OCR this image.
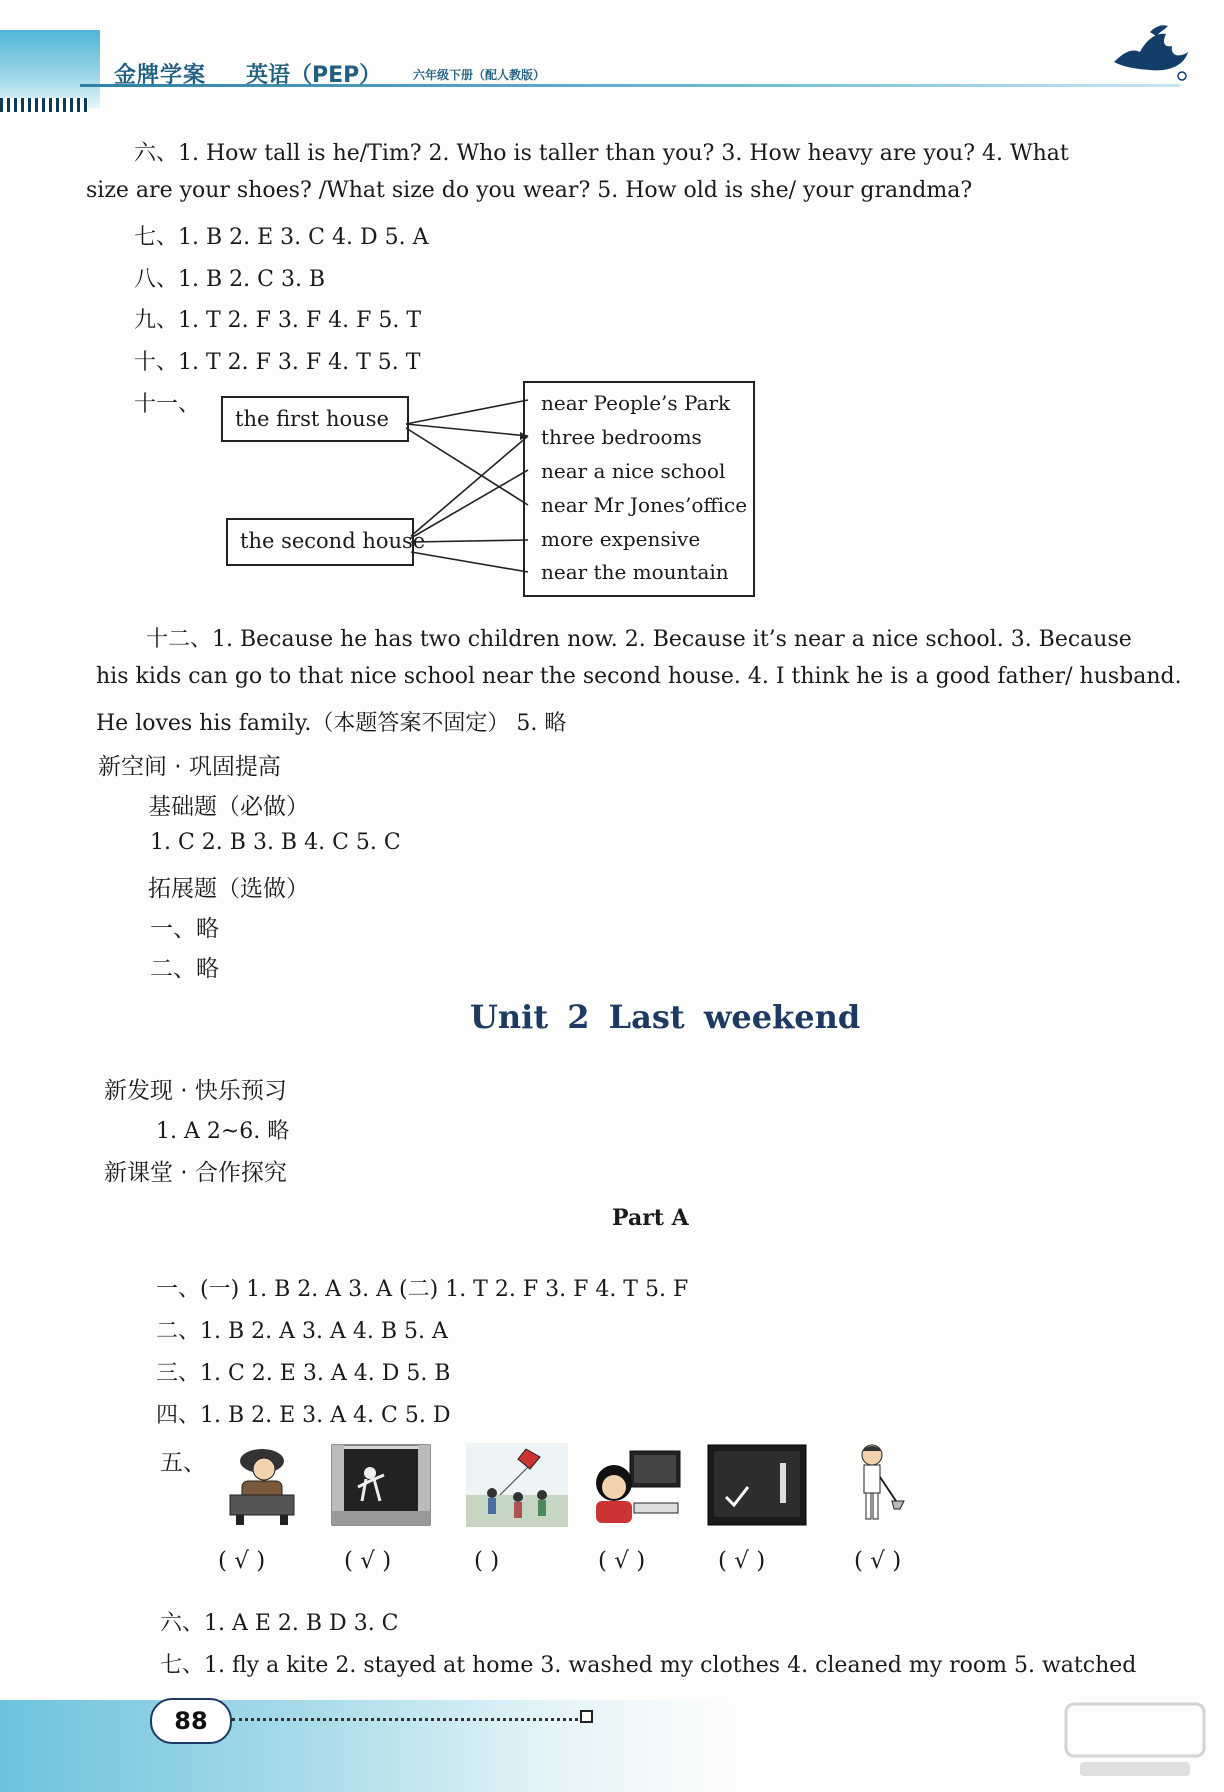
金牌学案 英语（PEP）	六年级下册（配人教版）
六、1. How tall is he/Tim? 2. Who is taller than you? 3. How heavy are you? 4. What
size are your shoes? /What size do you wear? 5. How old is she/ your grandma?
七、1. B 2. E 3. C 4. D 5. A
八、1. B 2. C 3. B
九、1. T 2. F 3. F 4. F 5. T
十、1. T 2. F 3. F 4. T 5. T
十一、
the first house
the second house
near People’s Park
three bedrooms
near a nice school
near Mr Jones’office
more expensive
near the mountain
十二、1. Because he has two children now. 2. Because it’s near a nice school. 3. Because
his kids can go to that nice school near the second house. 4. I think he is a good father/ husband.
He loves his family.（本题答案不固定） 5. 略
新空间 · 巩固提高
基础题（必做）
1. C 2. B 3. B 4. C 5. C
拓展题（选做）
一、略
二、略
Unit 2 Last weekend
新发现 · 快乐预习
1. A 2~6. 略
新课堂 · 合作探究
Part A
一、(一) 1. B 2. A 3. A (二) 1. T 2. F 3. F 4. T 5. F
二、1. B 2. A 3. A 4. B 5. A
三、1. C 2. E 3. A 4. D 5. B
四、1. B 2. E 3. A 4. C 5. D
五、
( √ )	( √ )	( )	( √ )	( √ )	( √ )
六、1. A E 2. B D 3. C
七、1. fly a kite 2. stayed at home 3. washed my clothes 4. cleaned my room 5. watched
88
